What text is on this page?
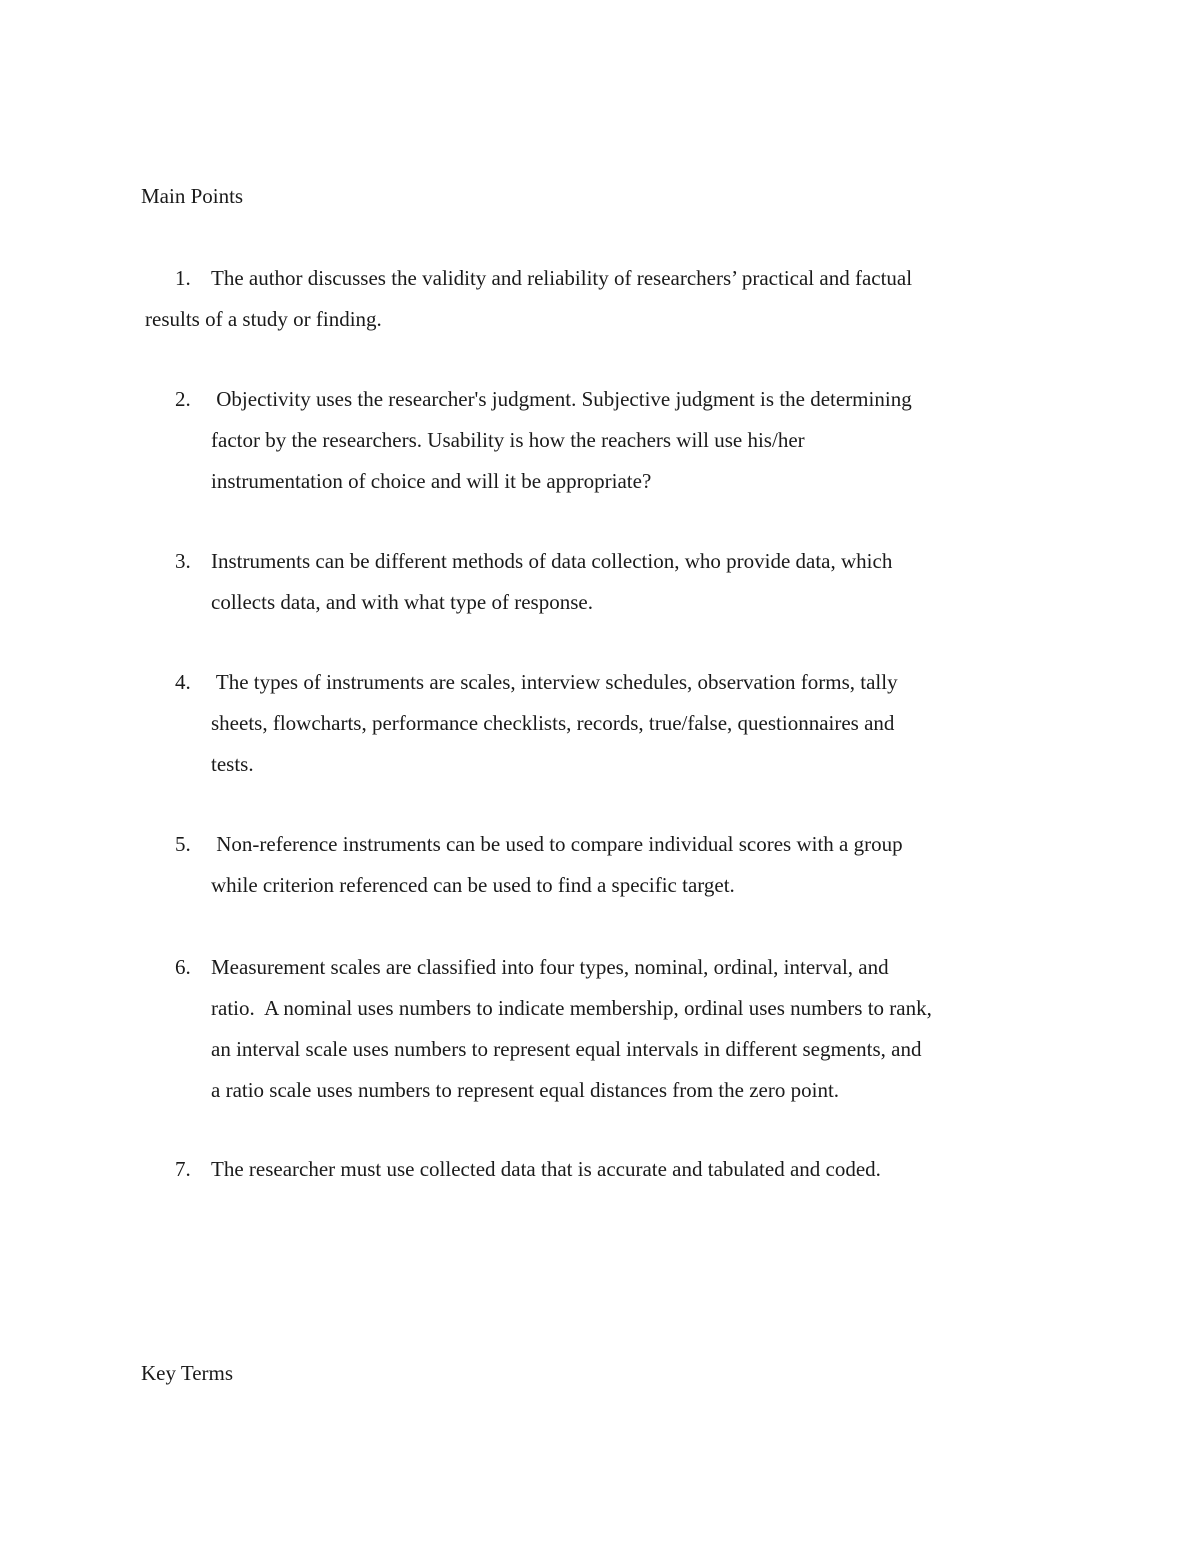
Main Points
1. The author discusses the validity and reliability of researchers’ practical and factual
results of a study or finding.
2. Objectivity uses the researcher's judgment. Subjective judgment is the determining
factor by the researchers. Usability is how the reachers will use his/her
instrumentation of choice and will it be appropriate?
3. Instruments can be different methods of data collection, who provide data, which
collects data, and with what type of response.
4. The types of instruments are scales, interview schedules, observation forms, tally
sheets, flowcharts, performance checklists, records, true/false, questionnaires and
tests.
5. Non-reference instruments can be used to compare individual scores with a group
while criterion referenced can be used to find a specific target.
6. Measurement scales are classified into four types, nominal, ordinal, interval, and
ratio.  A nominal uses numbers to indicate membership, ordinal uses numbers to rank,
an interval scale uses numbers to represent equal intervals in different segments, and
a ratio scale uses numbers to represent equal distances from the zero point.
7. The researcher must use collected data that is accurate and tabulated and coded.
Key Terms
